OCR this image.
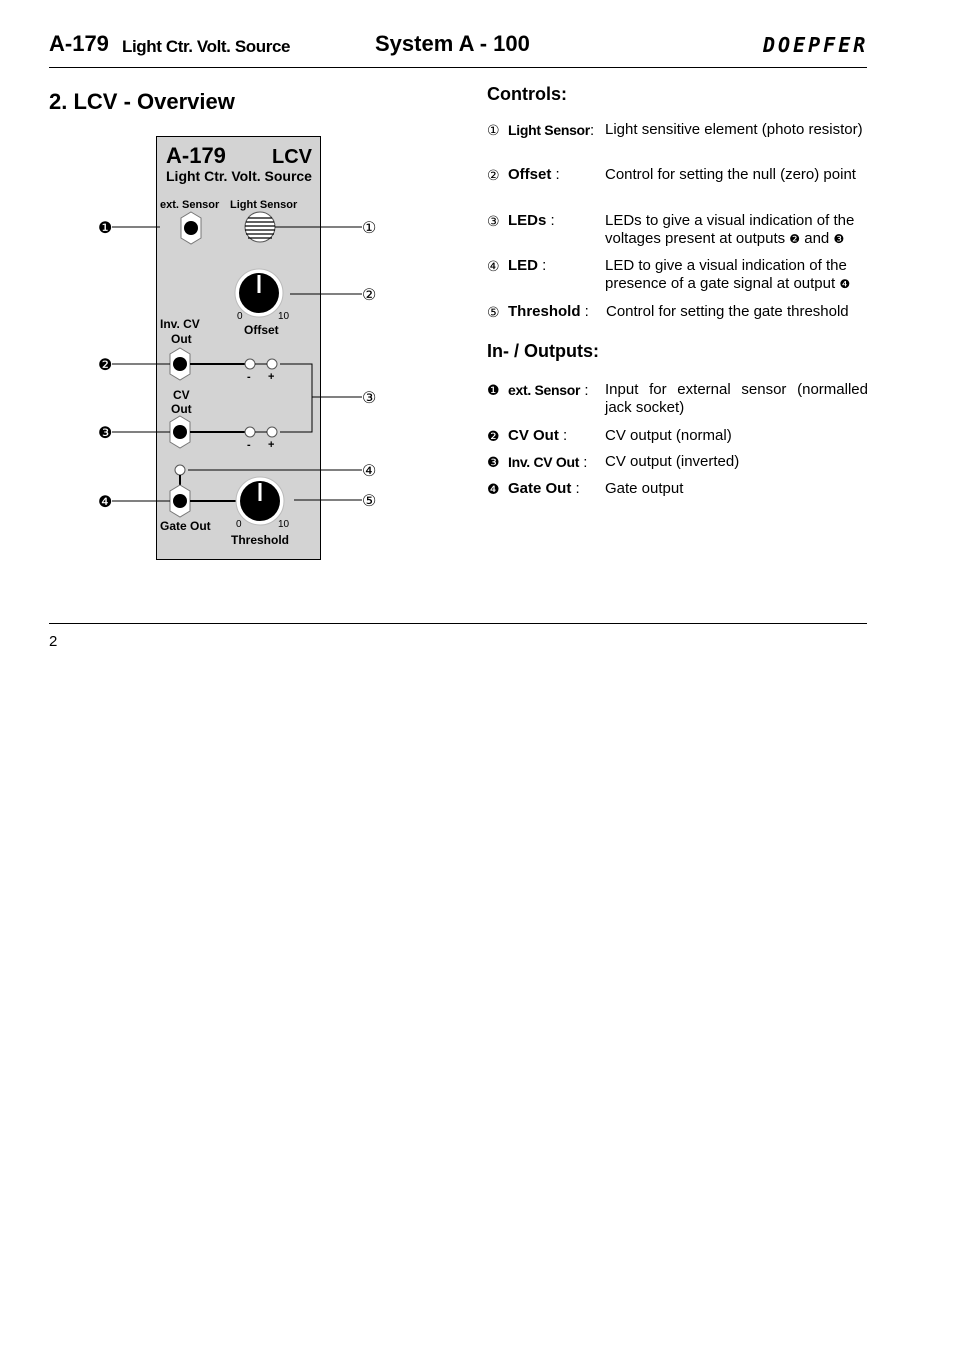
A-179 Light Ctr. Volt. Source	System A - 100	DOEPFER
2. LCV - Overview
A-179 LCV
Light Ctr. Volt. Source
ext. Sensor Light Sensor
0	10
Offset
Inv. CV
Out
- +
CV
Out
- +
Gate Out	0	10
Threshold
❶
❷
❸
❹
①
②
③
④
⑤
Controls:
① Light Sensor: Light sensitive element (photo resistor)
② Offset :	Control for setting the null (zero) point
③ LEDs :	LEDs to give a visual indication of the voltages present at outputs ❷ and ❸
④ LED :	LED to give a visual indication of the presence of a gate signal at output ❹
⑤ Threshold : Control for setting the gate threshold
In- / Outputs:
❶ ext. Sensor : Input for external sensor (normalled jack socket)
❷ CV Out :	CV output (normal)
❸ Inv. CV Out : CV output (inverted)
❹ Gate Out : Gate output
2
